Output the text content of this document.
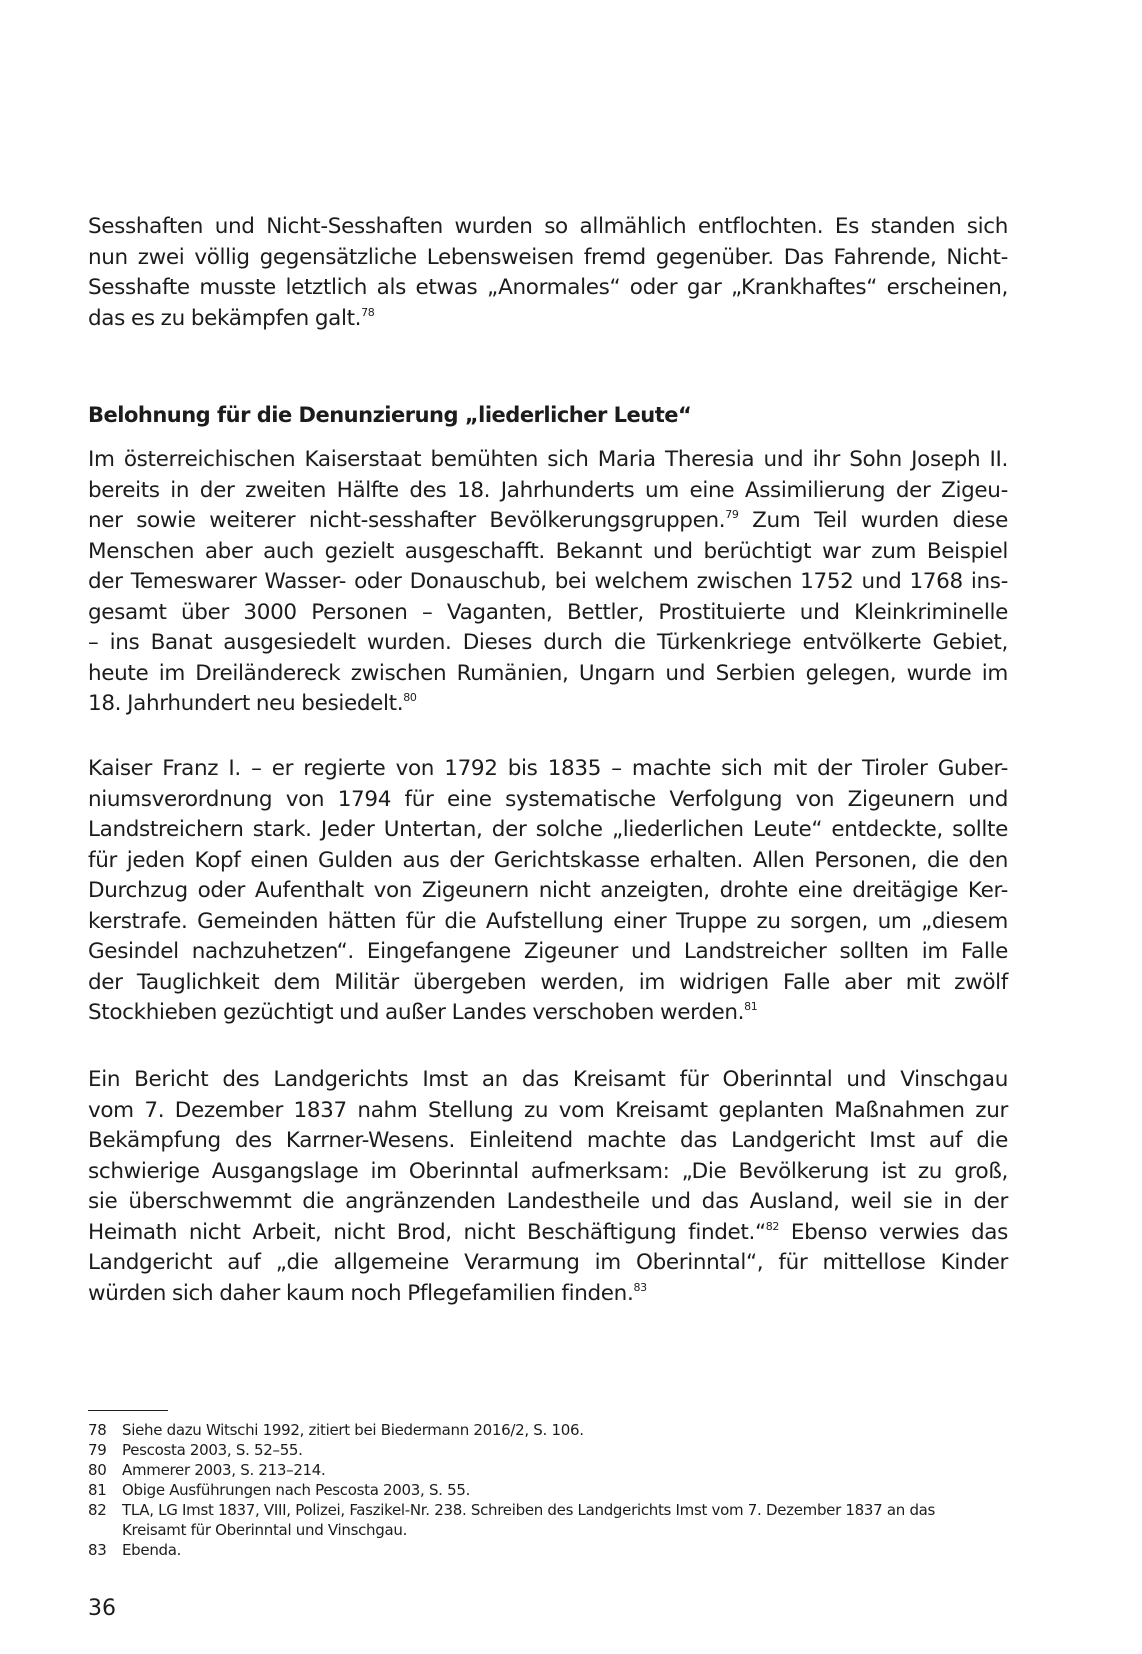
Sesshaften und Nicht-Sesshaften wurden so allmählich entflochten. Es standen sich
nun zwei völlig gegensätzliche Lebensweisen fremd gegenüber. Das Fahrende, Nicht-
Sesshafte musste letztlich als etwas „Anormales“ oder gar „Krankhaftes“ erscheinen,
das es zu bekämpfen galt.$^{78}$

Belohnung für die Denunzierung „liederlicher Leute“

Im österreichischen Kaiserstaat bemühten sich Maria Theresia und ihr Sohn Joseph II.
bereits in der zweiten Hälfte des 18. Jahrhunderts um eine Assimilierung der Zigeu-
ner sowie weiterer nicht-sesshafter Bevölkerungsgruppen.$^{79}$ Zum Teil wurden diese
Menschen aber auch gezielt ausgeschafft. Bekannt und berüchtigt war zum Beispiel
der Temeswarer Wasser- oder Donauschub, bei welchem zwischen 1752 und 1768 ins-
gesamt über 3000 Personen – Vaganten, Bettler, Prostituierte und Kleinkriminelle
– ins Banat ausgesiedelt wurden. Dieses durch die Türkenkriege entvölkerte Gebiet,
heute im Dreiländereck zwischen Rumänien, Ungarn und Serbien gelegen, wurde im
18. Jahrhundert neu besiedelt.$^{80}$

Kaiser Franz I. – er regierte von 1792 bis 1835 – machte sich mit der Tiroler Guber-
niumsverordnung von 1794 für eine systematische Verfolgung von Zigeunern und
Landstreichern stark. Jeder Untertan, der solche „liederlichen Leute“ entdeckte, sollte
für jeden Kopf einen Gulden aus der Gerichtskasse erhalten. Allen Personen, die den
Durchzug oder Aufenthalt von Zigeunern nicht anzeigten, drohte eine dreitägige Ker-
kerstrafe. Gemeinden hätten für die Aufstellung einer Truppe zu sorgen, um „diesem
Gesindel nachzuhetzen“. Eingefangene Zigeuner und Landstreicher sollten im Falle
der Tauglichkeit dem Militär übergeben werden, im widrigen Falle aber mit zwölf
Stockhieben gezüchtigt und außer Landes verschoben werden.$^{81}$

Ein Bericht des Landgerichts Imst an das Kreisamt für Oberinntal und Vinschgau
vom 7. Dezember 1837 nahm Stellung zu vom Kreisamt geplanten Maßnahmen zur
Bekämpfung des Karrner-Wesens. Einleitend machte das Landgericht Imst auf die
schwierige Ausgangslage im Oberinntal aufmerksam: „Die Bevölkerung ist zu groß,
sie überschwemmt die angränzenden Landestheile und das Ausland, weil sie in der
Heimath nicht Arbeit, nicht Brod, nicht Beschäftigung findet.“$^{82}$ Ebenso verwies das
Landgericht auf „die allgemeine Verarmung im Oberinntal“, für mittellose Kinder
würden sich daher kaum noch Pflegefamilien finden.$^{83}$

78	Siehe dazu Witschi 1992, zitiert bei Biedermann 2016/2, S. 106.
79	Pescosta 2003, S. 52–55.
80	Ammerer 2003, S. 213–214.
81	Obige Ausführungen nach Pescosta 2003, S. 55.
82	TLA, LG Imst 1837, VIII, Polizei, Faszikel-Nr. 238. Schreiben des Landgerichts Imst vom 7. Dezember 1837 an das Kreisamt für Oberinntal und Vinschgau.
83	Ebenda.
36
